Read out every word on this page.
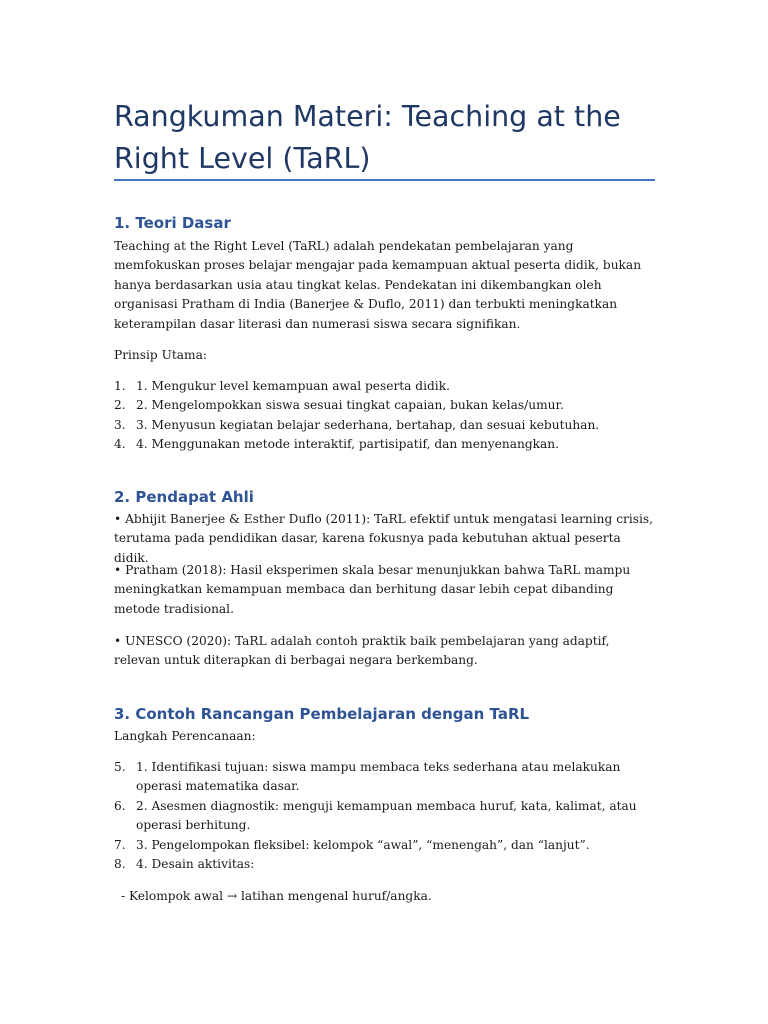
Rangkuman Materi: Teaching at the Right Level (TaRL)
1. Teori Dasar

Teaching at the Right Level (TaRL) adalah pendekatan pembelajaran yang memfokuskan proses belajar mengajar pada kemampuan aktual peserta didik, bukan hanya berdasarkan usia atau tingkat kelas. Pendekatan ini dikembangkan oleh organisasi Pratham di India (Banerjee & Duflo, 2011) dan terbukti meningkatkan keterampilan dasar literasi dan numerasi siswa secara signifikan.

Prinsip Utama:

1. 1. Mengukur level kemampuan awal peserta didik.
2. 2. Mengelompokkan siswa sesuai tingkat capaian, bukan kelas/umur.
3. 3. Menyusun kegiatan belajar sederhana, bertahap, dan sesuai kebutuhan.
4. 4. Menggunakan metode interaktif, partisipatif, dan menyenangkan.
2. Pendapat Ahli

• Abhijit Banerjee & Esther Duflo (2011): TaRL efektif untuk mengatasi learning crisis, terutama pada pendidikan dasar, karena fokusnya pada kebutuhan aktual peserta didik.

• Pratham (2018): Hasil eksperimen skala besar menunjukkan bahwa TaRL mampu meningkatkan kemampuan membaca dan berhitung dasar lebih cepat dibanding metode tradisional.

• UNESCO (2020): TaRL adalah contoh praktik baik pembelajaran yang adaptif, relevan untuk diterapkan di berbagai negara berkembang.

3. Contoh Rancangan Pembelajaran dengan TaRL

Langkah Perencanaan:

5. 1. Identifikasi tujuan: siswa mampu membaca teks sederhana atau melakukan operasi matematika dasar.
6. 2. Asesmen diagnostik: menguji kemampuan membaca huruf, kata, kalimat, atau operasi berhitung.
7. 3. Pengelompokan fleksibel: kelompok “awal”, “menengah”, dan “lanjut”.
8. 4. Desain aktivitas:

- Kelompok awal → latihan mengenal huruf/angka.
